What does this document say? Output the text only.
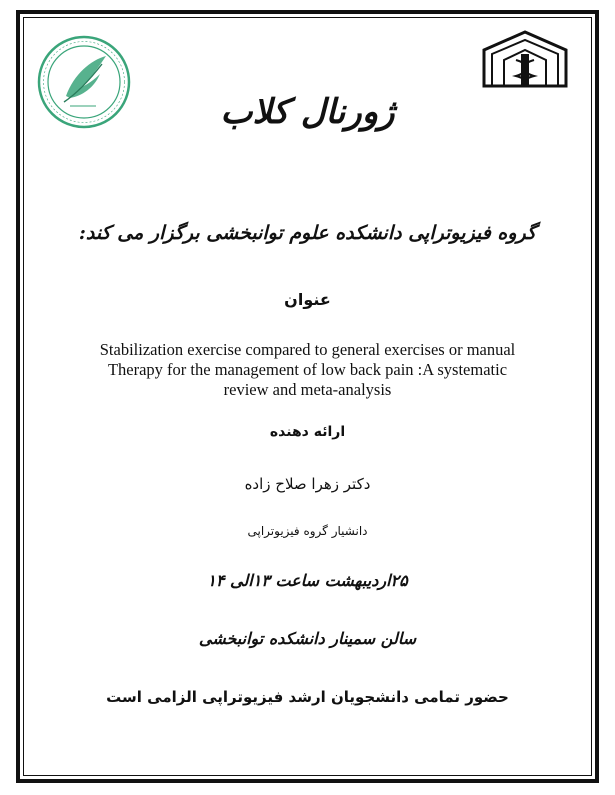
ژورنال کلاب
گروه فیزیوتراپی دانشکده علوم توانبخشی برگزار می کند:
عنوان
Stabilization exercise compared to general exercises or manual
Therapy for the management of low back pain :A systematic
review and meta-analysis
ارائه دهنده
دکتر زهرا صلاح زاده
دانشیار گروه فیزیوتراپی
۲۵اردیبهشت ساعت ۱۳الی ۱۴
سالن سمینار دانشکده توانبخشی
حضور تمامی دانشجویان ارشد فیزیوتراپی الزامی است
